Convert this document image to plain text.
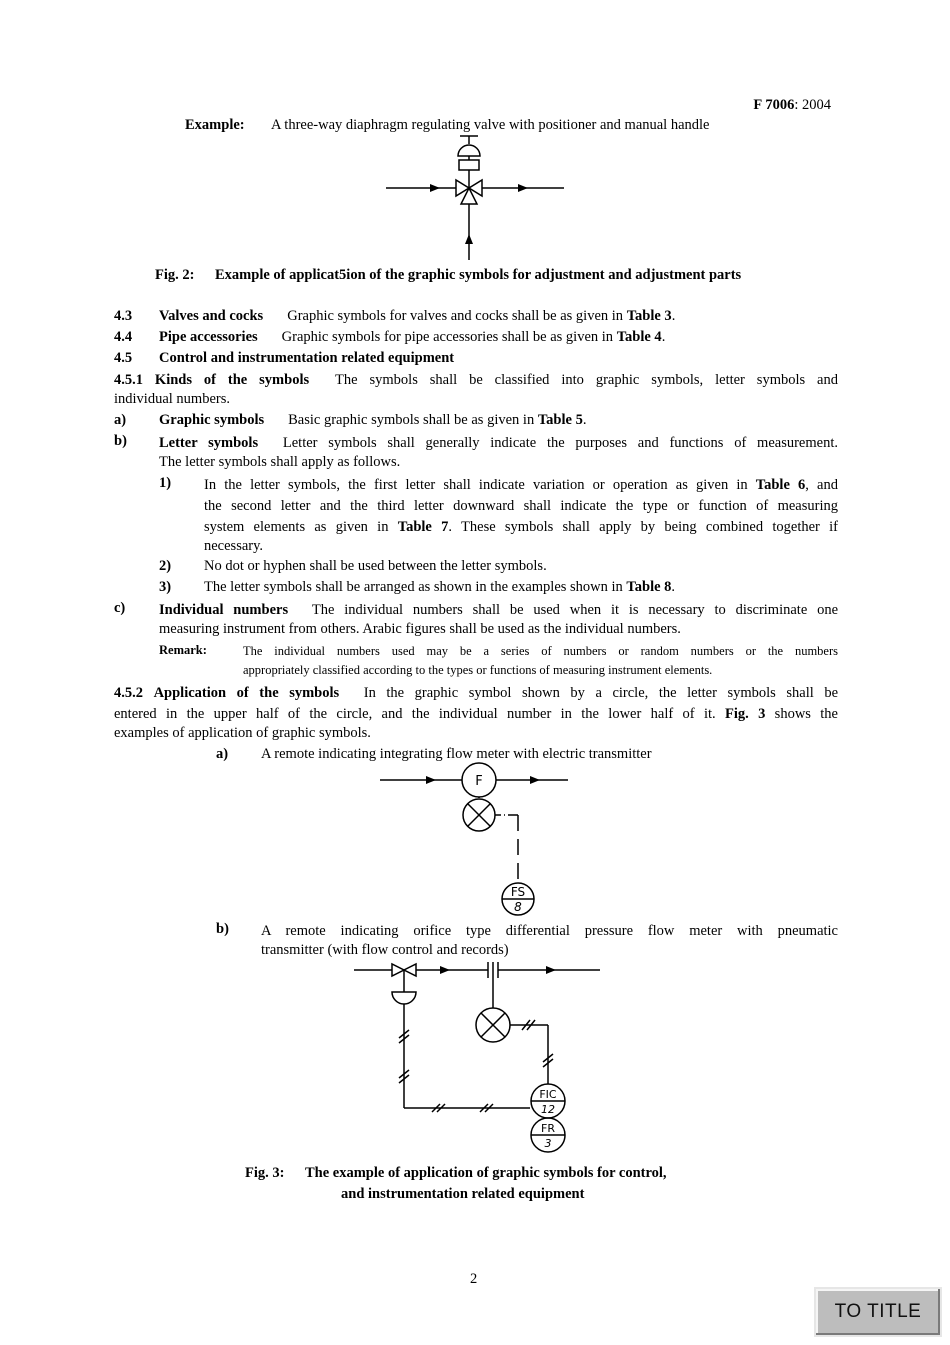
F 7006: 2004
Example: A three-way diaphragm regulating valve with positioner and manual handle
Fig. 2: Example of applicat5ion of the graphic symbols for adjustment and adjustment parts
4.3 Valves and cocks Graphic symbols for valves and cocks shall be as given in Table 3.
4.4 Pipe accessories Graphic symbols for pipe accessories shall be as given in Table 4.
4.5 Control and instrumentation related equipment
4.5.1 Kinds of the symbols The symbols shall be classified into graphic symbols, letter symbols and
individual numbers.
a) Graphic symbols Basic graphic symbols shall be as given in Table 5.
b) Letter symbols Letter symbols shall generally indicate the purposes and functions of measurement.
The letter symbols shall apply as follows.
1) In the letter symbols, the first letter shall indicate variation or operation as given in Table 6, and
the second letter and the third letter downward shall indicate the type or function of measuring
system elements as given in Table 7. These symbols shall apply by being combined together if
necessary.
2) No dot or hyphen shall be used between the letter symbols.
3) The letter symbols shall be arranged as shown in the examples shown in Table 8.
c) Individual numbers The individual numbers shall be used when it is necessary to discriminate one
measuring instrument from others. Arabic figures shall be used as the individual numbers.
Remark:	The individual numbers used may be a series of numbers or random numbers or the numbers
appropriately classified according to the types or functions of measuring instrument elements.
4.5.2 Application of the symbols In the graphic symbol shown by a circle, the letter symbols shall be
entered in the upper half of the circle, and the individual number in the lower half of it. Fig. 3 shows the
examples of application of graphic symbols.
a) A remote indicating integrating flow meter with electric transmitter
F
FS
8
b) A remote indicating orifice type differential pressure flow meter with pneumatic
transmitter (with flow control and records)
FIC
12
FR
3
Fig. 3: The example of application of graphic symbols for control,
and instrumentation related equipment
2
TO TITLE
